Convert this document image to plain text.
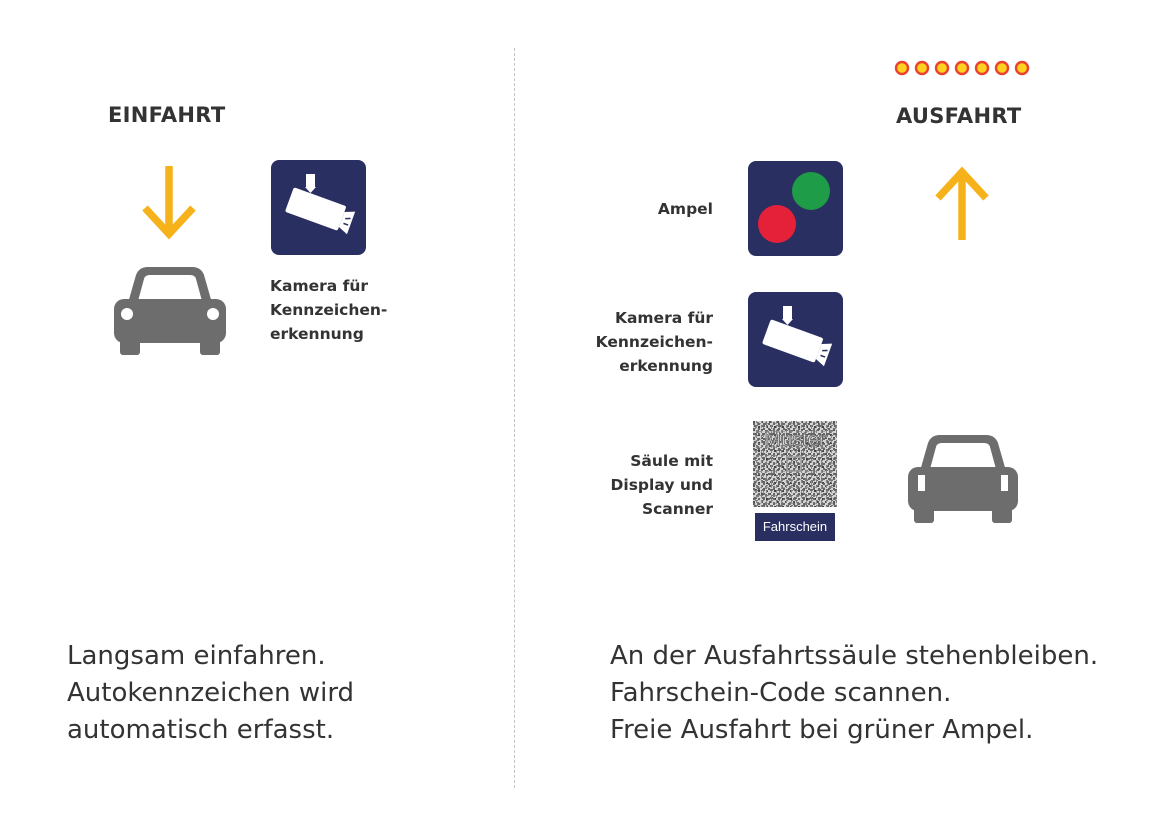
EINFAHRT
Kamera für
Kennzeichen-
erkennung
Langsam einfahren.
Autokennzeichen wird
automatisch erfasst.
AUSFAHRT
Ampel
Kamera für
Kennzeichen-
erkennung
Säule mit
Display und
Scanner
Muster
Fahrschein
An der Ausfahrtssäule stehenbleiben.
Fahrschein-Code scannen.
Freie Ausfahrt bei grüner Ampel.
